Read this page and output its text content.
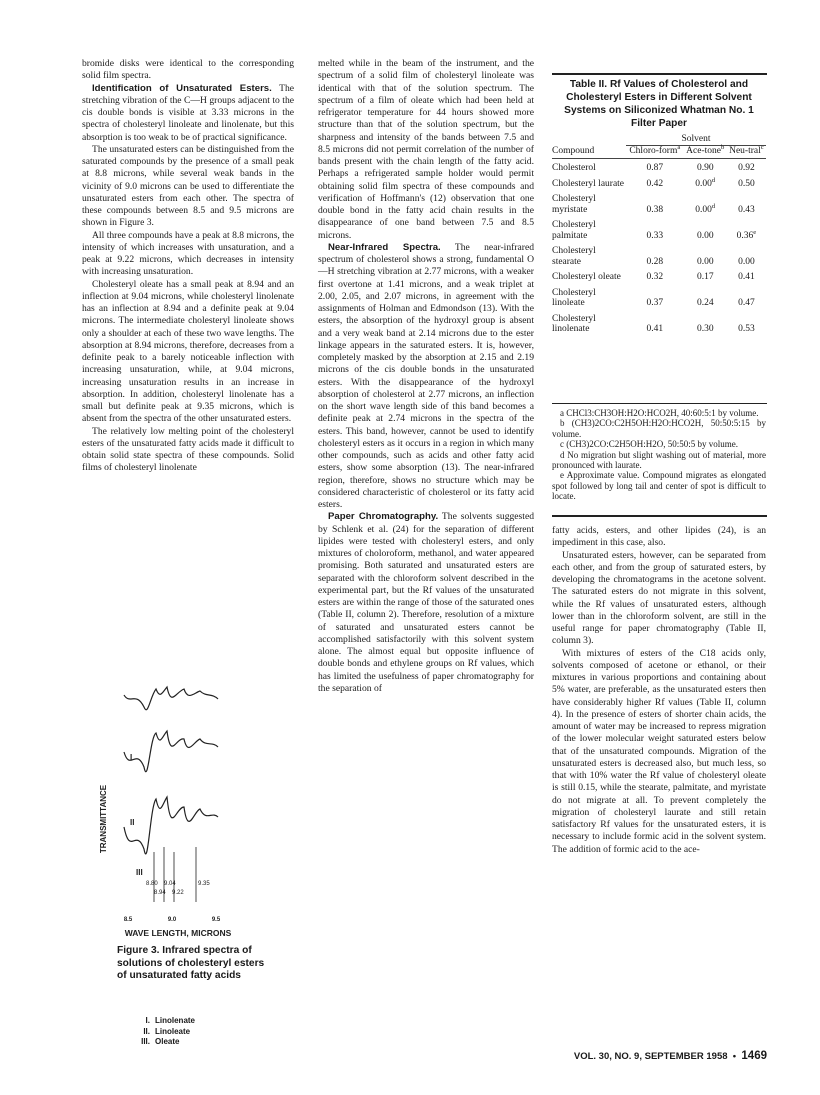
bromide disks were identical to the corresponding solid film spectra.

Identification of Unsaturated Esters. The stretching vibration of the C—H groups adjacent to the cis double bonds is visible at 3.33 microns in the spectra of cholesteryl linoleate and linolenate, but this absorption is too weak to be of practical significance.

The unsaturated esters can be distinguished from the saturated compounds by the presence of a small peak at 8.8 microns, while several weak bands in the vicinity of 9.0 microns can be used to differentiate the unsaturated esters from each other. The spectra of these compounds between 8.5 and 9.5 microns are shown in Figure 3.

All three compounds have a peak at 8.8 microns, the intensity of which increases with unsaturation, and a peak at 9.22 microns, which decreases in intensity with increasing unsaturation.

Cholesteryl oleate has a small peak at 8.94 and an inflection at 9.04 microns, while cholesteryl linolenate has an inflection at 8.94 and a definite peak at 9.04 microns. The intermediate cholesteryl linoleate shows only a shoulder at each of these two wave lengths. The absorption at 8.94 microns, therefore, decreases from a definite peak to a barely noticeable inflection with increasing unsaturation, while, at 9.04 microns, increasing unsaturation results in an increase in absorption. In addition, cholesteryl linolenate has a small but definite peak at 9.35 microns, which is absent from the spectra of the other unsaturated esters.

The relatively low melting point of the cholesteryl esters of the unsaturated fatty acids made it difficult to obtain solid state spectra of these compounds. Solid films of cholesteryl linolenate

TRANSMITTANCE
I
II
III
8.80 9.04	9.35
8.94 9.22
8.5	9.0	9.5
WAVE LENGTH, MICRONS
Figure 3. Infrared spectra of solutions of cholesteryl esters of unsaturated fatty acids
I. Linolenate
II. Linoleate
III. Oleate

melted while in the beam of the instrument, and the spectrum of a solid film of cholesteryl linoleate was identical with that of the solution spectrum. The spectrum of a film of oleate which had been held at refrigerator temperature for 44 hours showed more structure than that of the solution spectrum, but the sharpness and intensity of the bands between 7.5 and 8.5 microns did not permit correlation of the number of bands present with the chain length of the fatty acid. Perhaps a refrigerated sample holder would permit obtaining solid film spectra of these compounds and verification of Hoffmann's (12) observation that one double bond in the fatty acid chain results in the disappearance of one band between 7.5 and 8.5 microns.

Near-Infrared Spectra. The near-infrared spectrum of cholesterol shows a strong, fundamental O—H stretching vibration at 2.77 microns, with a weaker first overtone at 1.41 microns, and a weak triplet at 2.00, 2.05, and 2.07 microns, in agreement with the assignments of Holman and Edmondson (13). With the esters, the absorption of the hydroxyl group is absent and a very weak band at 2.14 microns due to the ester linkage appears in the saturated esters. It is, however, completely masked by the absorption at 2.15 and 2.19 microns of the cis double bonds in the unsaturated esters. With the disappearance of the hydroxyl absorption of cholesterol at 2.77 microns, an inflection on the short wave length side of this band becomes a definite peak at 2.74 microns in the spectra of the esters. This band, however, cannot be used to identify cholesteryl esters as it occurs in a region in which many other compounds, such as acids and other fatty acid esters, show some absorption (13). The near-infrared region, therefore, shows no structure which may be considered characteristic of cholesterol or its fatty acid esters.

Paper Chromatography. The solvents suggested by Schlenk et al. (24) for the separation of different lipides were tested with cholesteryl esters, and only mixtures of choloroform, methanol, and water appeared promising. Both saturated and unsaturated esters are separated with the chloroform solvent described in the experimental part, but the Rf values of the unsaturated esters are within the range of those of the saturated ones (Table II, column 2). Therefore, resolution of a mixture of saturated and unsaturated esters cannot be accomplished satisfactorily with this solvent system alone. The almost equal but opposite influence of double bonds and ethylene groups on Rf values, which has limited the usefulness of paper chromatography for the separation of

Table II. Rf Values of Cholesterol and Cholesteryl Esters in Different Solvent Systems on Siliconized Whatman No. 1 Filter Paper
	Solvent		
Compound	Chloro-form$^a$	Ace-tone$^b$	Neu-tral$^c$
Cholesterol	0.87	0.90	0.92
Cholesteryl laurate	0.42	0.00$^d$	0.50
Cholesteryl myristate	0.38	0.00$^d$	0.43
Cholesteryl palmitate	0.33	0.00	0.36e
Cholesteryl stearate	0.28	0.00	0.00
Cholesteryl oleate	0.32	0.17	0.41
Cholesteryl linoleate	0.37	0.24	0.47
Cholesteryl linolenate	0.41	0.30	0.53

a CHCl3:CH3OH:H2O:HCO2H, 40:60:5:1 by volume.

b (CH3)2CO:C2H5OH:H2O:HCO2H, 50:50:5:15 by volume.

c (CH3)2CO:C2H5OH:H2O, 50:50:5 by volume.

d No migration but slight washing out of material, more pronounced with laurate.

e Approximate value. Compound migrates as elongated spot followed by long tail and center of spot is difficult to locate.

fatty acids, esters, and other lipides (24), is an impediment in this case, also.

Unsaturated esters, however, can be separated from each other, and from the group of saturated esters, by developing the chromatograms in the acetone solvent. The saturated esters do not migrate in this solvent, while the Rf values of unsaturated esters, although lower than in the chloroform solvent, are still in the useful range for paper chromatography (Table II, column 3).

With mixtures of esters of the C18 acids only, solvents composed of acetone or ethanol, or their mixtures in various proportions and containing about 5% water, are preferable, as the unsaturated esters then have considerably higher Rf values (Table II, column 4). In the presence of esters of shorter chain acids, the amount of water may be increased to repress migration of the lower molecular weight saturated esters below that of the unsaturated compounds. Migration of the unsaturated esters is decreased also, but much less, so that with 10% water the Rf value of cholesteryl oleate is still 0.15, while the stearate, palmitate, and myristate do not migrate at all. To prevent completely the migration of cholesteryl laurate and still retain satisfactory Rf values for the unsaturated esters, it is necessary to include formic acid in the solvent system. The addition of formic acid to the ace-

VOL. 30, NO. 9, SEPTEMBER 1958 • 1469
